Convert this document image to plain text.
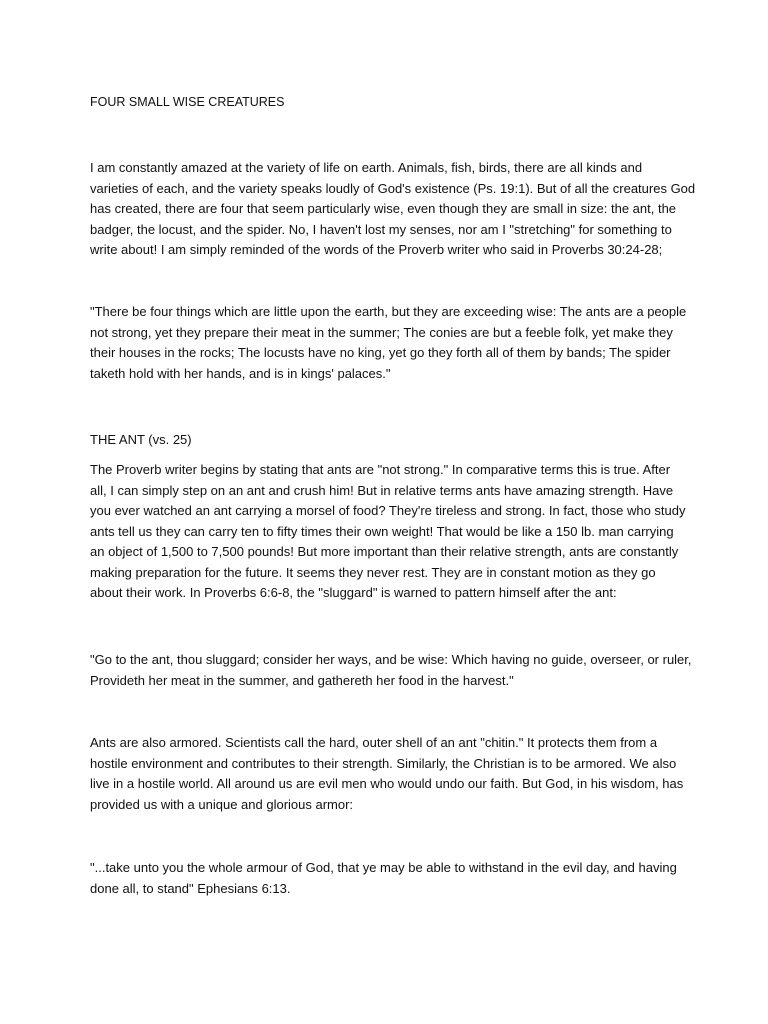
FOUR SMALL WISE CREATURES

I am constantly amazed at the variety of life on earth. Animals, fish, birds, there are all kinds and
varieties of each, and the variety speaks loudly of God's existence (Ps. 19:1). But of all the creatures God
has created, there are four that seem particularly wise, even though they are small in size: the ant, the
badger, the locust, and the spider. No, I haven't lost my senses, nor am I "stretching" for something to
write about! I am simply reminded of the words of the Proverb writer who said in Proverbs 30:24-28;

"There be four things which are little upon the earth, but they are exceeding wise: The ants are a people
not strong, yet they prepare their meat in the summer; The conies are but a feeble folk, yet make they
their houses in the rocks; The locusts have no king, yet go they forth all of them by bands; The spider
taketh hold with her hands, and is in kings' palaces."

THE ANT (vs. 25)

The Proverb writer begins by stating that ants are "not strong." In comparative terms this is true. After
all, I can simply step on an ant and crush him! But in relative terms ants have amazing strength. Have
you ever watched an ant carrying a morsel of food? They're tireless and strong. In fact, those who study
ants tell us they can carry ten to fifty times their own weight! That would be like a 150 lb. man carrying
an object of 1,500 to 7,500 pounds! But more important than their relative strength, ants are constantly
making preparation for the future. It seems they never rest. They are in constant motion as they go
about their work. In Proverbs 6:6-8, the "sluggard" is warned to pattern himself after the ant:

"Go to the ant, thou sluggard; consider her ways, and be wise: Which having no guide, overseer, or ruler,
Provideth her meat in the summer, and gathereth her food in the harvest."

Ants are also armored. Scientists call the hard, outer shell of an ant "chitin." It protects them from a
hostile environment and contributes to their strength. Similarly, the Christian is to be armored. We also
live in a hostile world. All around us are evil men who would undo our faith. But God, in his wisdom, has
provided us with a unique and glorious armor:

"...take unto you the whole armour of God, that ye may be able to withstand in the evil day, and having
done all, to stand" Ephesians 6:13.
